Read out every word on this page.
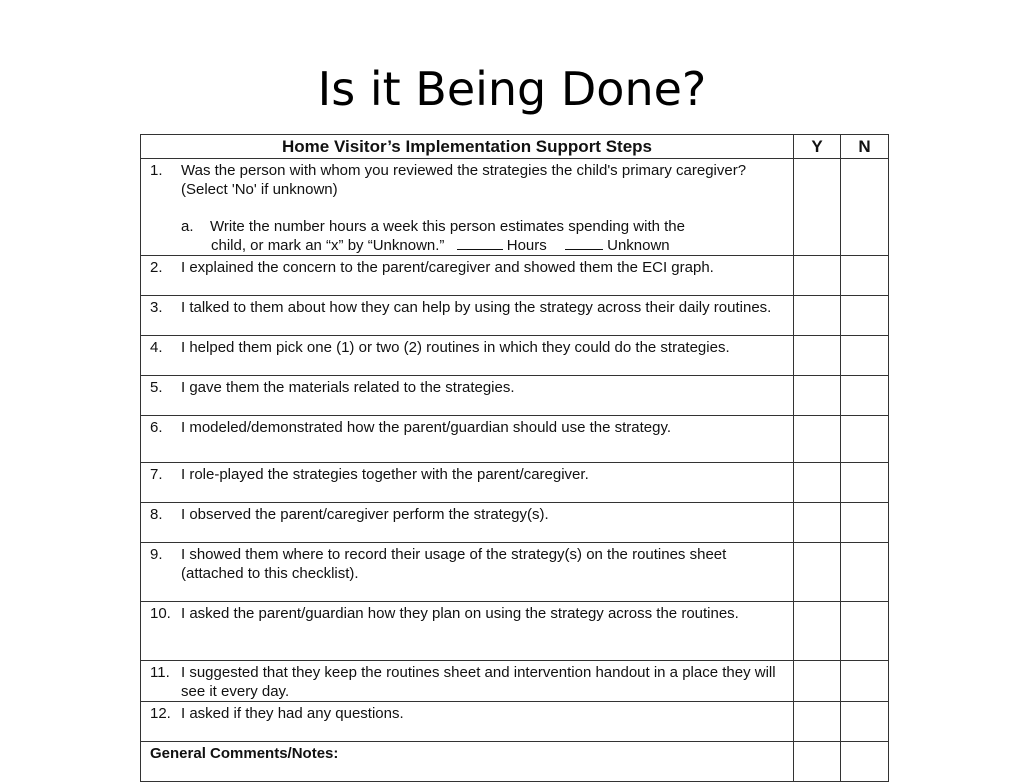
Is it Being Done?
Home Visitor’s Implementation Support Steps	Y	N

1. Was the person with whom you reviewed the strategies the child's primary caregiver? (Select 'No' if unknown)
a. Write the number hours a week this person estimates spending with the
child, or mark an “x” by “Unknown.” Hours Unknown		

2. I explained the concern to the parent/caregiver and showed them the ECI graph.		

3. I talked to them about how they can help by using the strategy across their daily routines.		

4. I helped them pick one (1) or two (2) routines in which they could do the strategies.		

5. I gave them the materials related to the strategies.		

6. I modeled/demonstrated how the parent/guardian should use the strategy.		

7. I role-played the strategies together with the parent/caregiver.		

8. I observed the parent/caregiver perform the strategy(s).		

9. I showed them where to record their usage of the strategy(s) on the routines sheet (attached to this checklist).		

10. I asked the parent/guardian how they plan on using the strategy across the routines.		

11. I suggested that they keep the routines sheet and intervention handout in a place they will see it every day.		

12. I asked if they had any questions.		

General Comments/Notes:		
